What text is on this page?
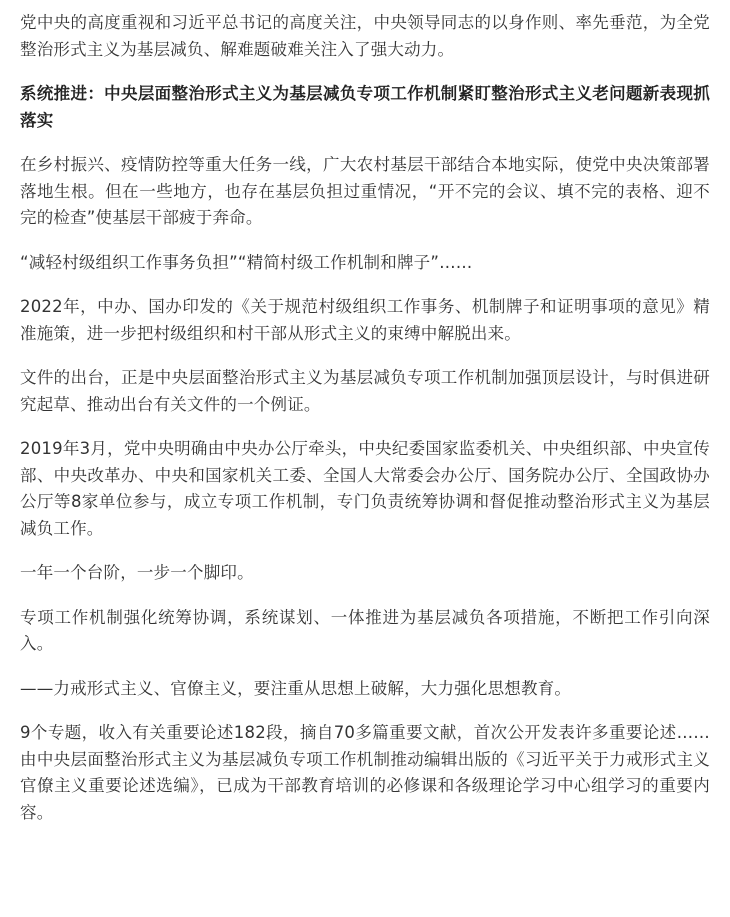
党中央的高度重视和习近平总书记的高度关注，中央领导同志的以身作则、率先垂范，为全党整治形式主义为基层减负、解难题破难关注入了强大动力。

系统推进：中央层面整治形式主义为基层减负专项工作机制紧盯整治形式主义老问题新表现抓落实

在乡村振兴、疫情防控等重大任务一线，广大农村基层干部结合本地实际，使党中央决策部署落地生根。但在一些地方，也存在基层负担过重情况，“开不完的会议、填不完的表格、迎不完的检查”使基层干部疲于奔命。

“减轻村级组织工作事务负担”“精简村级工作机制和牌子”……

2022年，中办、国办印发的《关于规范村级组织工作事务、机制牌子和证明事项的意见》精准施策，进一步把村级组织和村干部从形式主义的束缚中解脱出来。

文件的出台，正是中央层面整治形式主义为基层减负专项工作机制加强顶层设计，与时俱进研究起草、推动出台有关文件的一个例证。

2019年3月，党中央明确由中央办公厅牵头，中央纪委国家监委机关、中央组织部、中央宣传部、中央改革办、中央和国家机关工委、全国人大常委会办公厅、国务院办公厅、全国政协办公厅等8家单位参与，成立专项工作机制，专门负责统筹协调和督促推动整治形式主义为基层减负工作。

一年一个台阶，一步一个脚印。

专项工作机制强化统筹协调，系统谋划、一体推进为基层减负各项措施，不断把工作引向深入。

——力戒形式主义、官僚主义，要注重从思想上破解，大力强化思想教育。

9个专题，收入有关重要论述182段，摘自70多篇重要文献，首次公开发表许多重要论述……由中央层面整治形式主义为基层减负专项工作机制推动编辑出版的《习近平关于力戒形式主义官僚主义重要论述选编》，已成为干部教育培训的必修课和各级理论学习中心组学习的重要内容。
